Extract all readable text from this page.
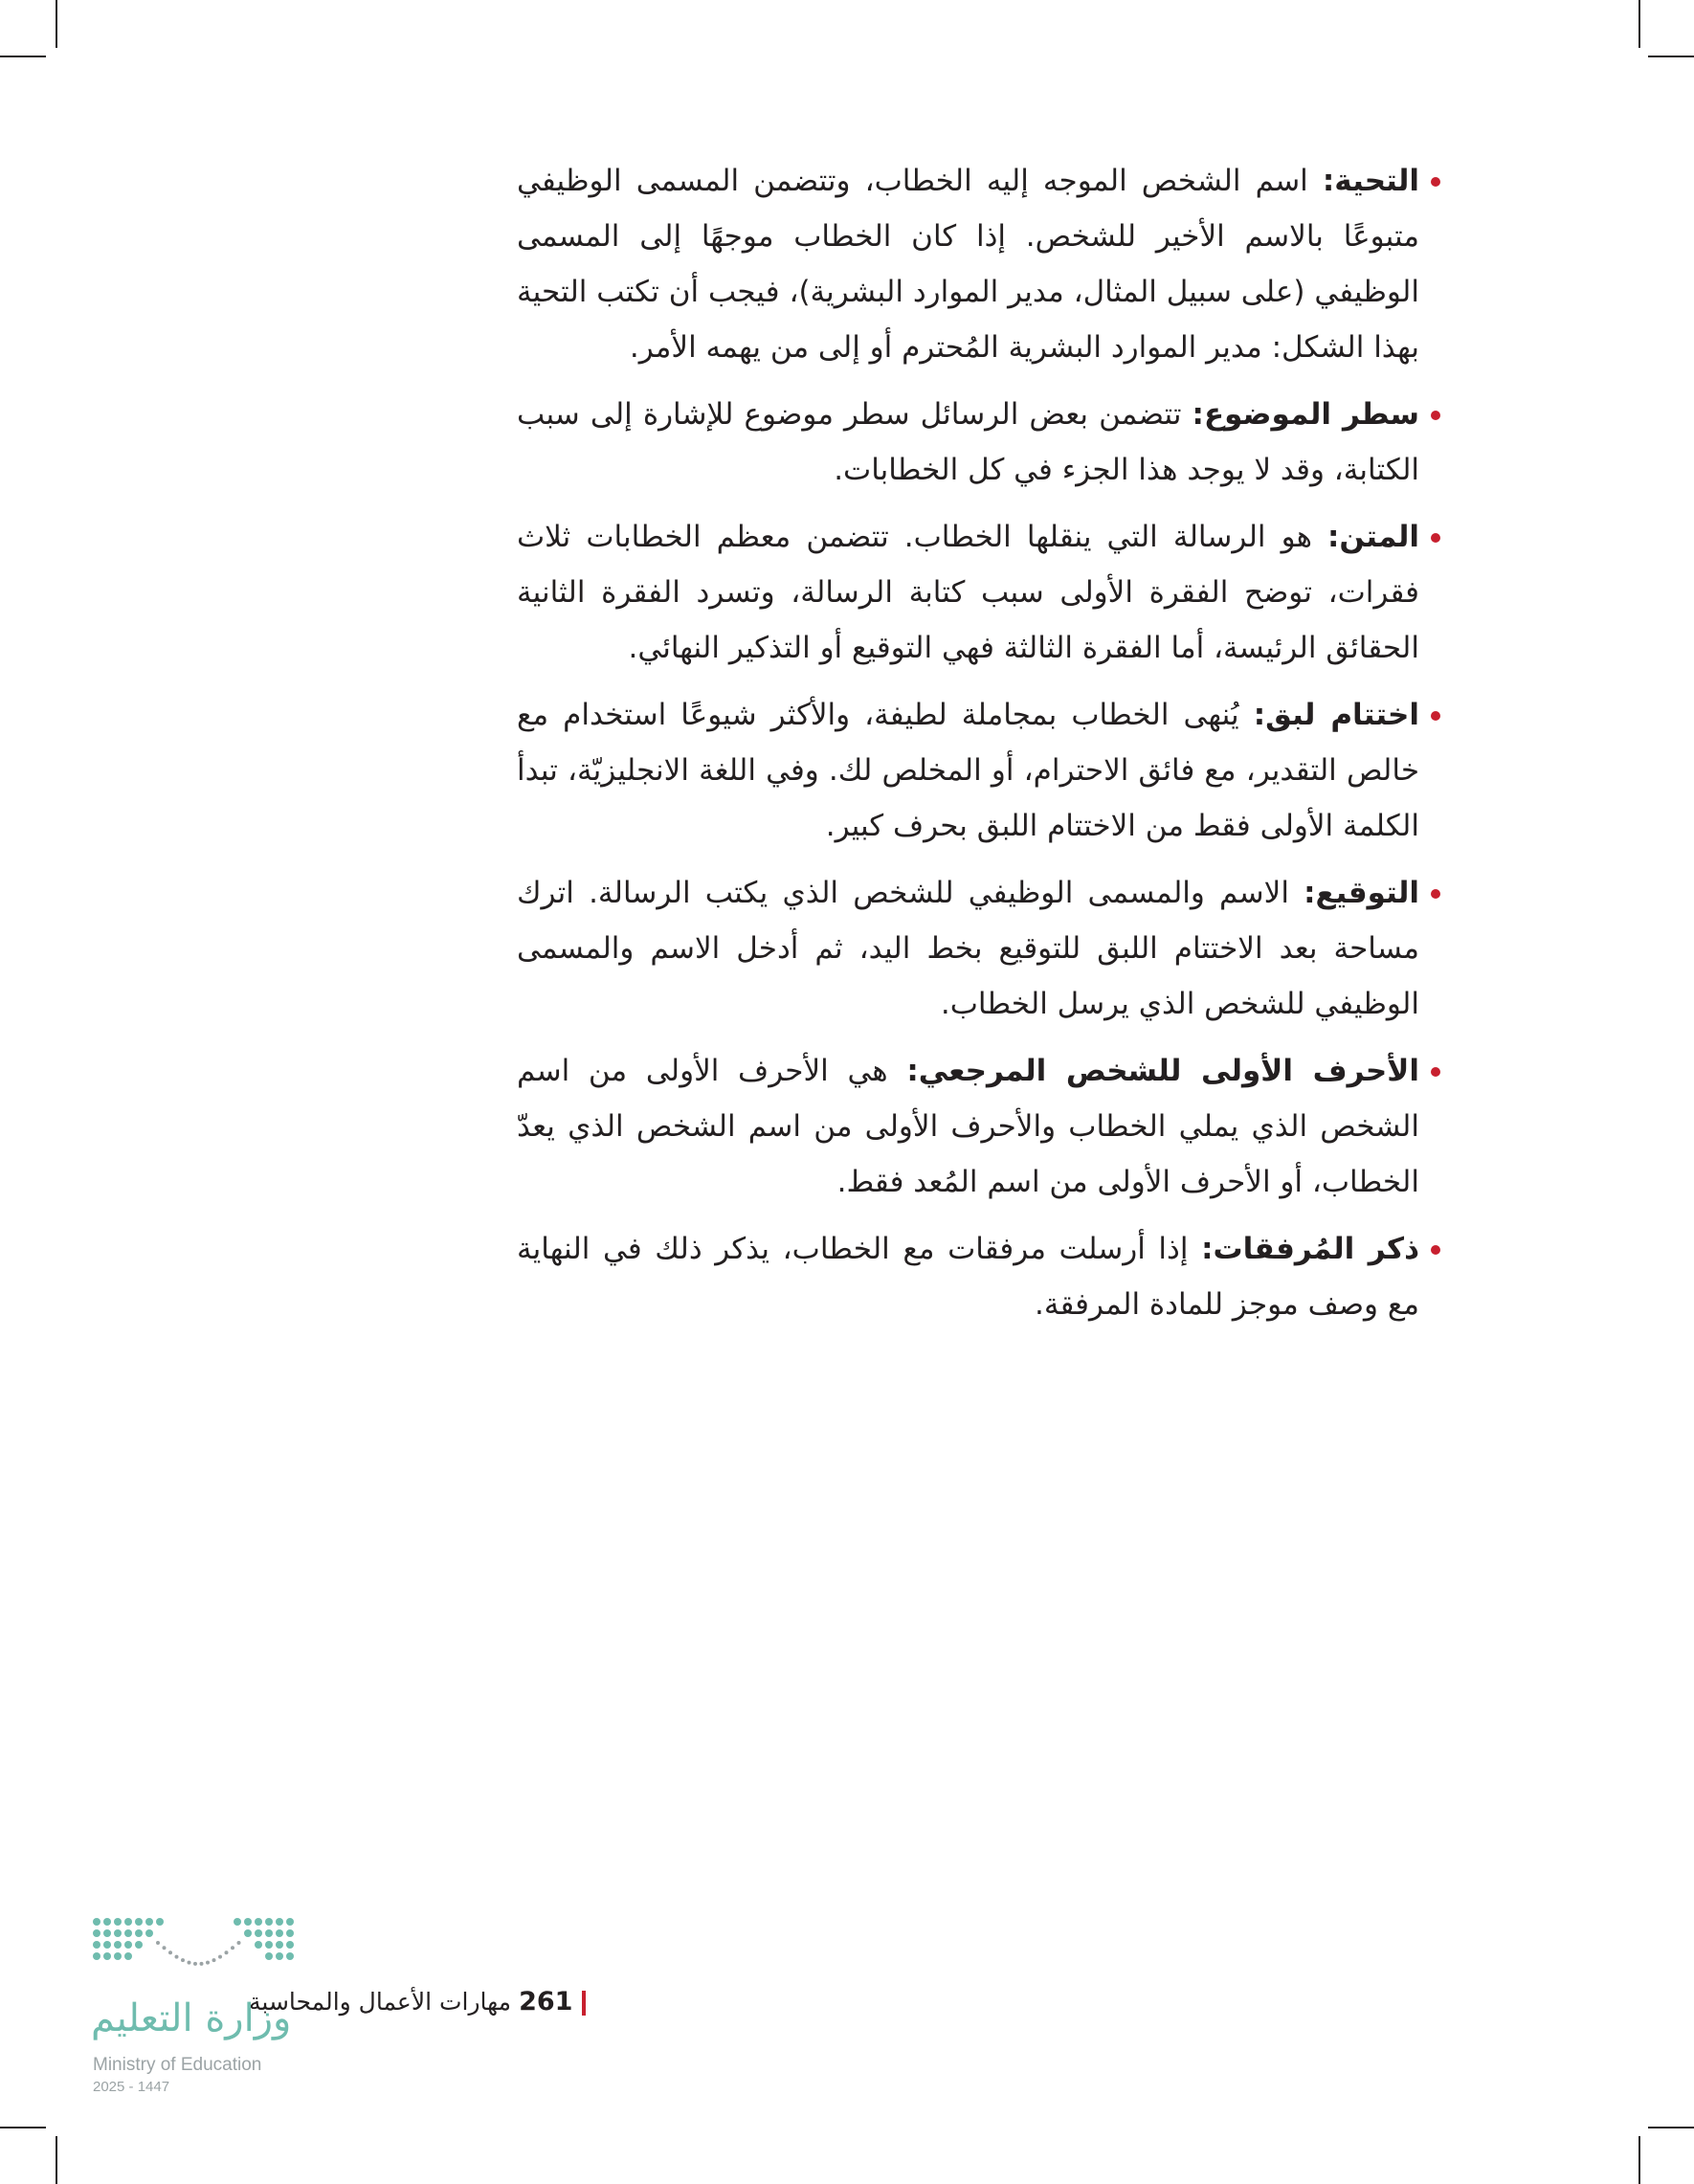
التحية: اسم الشخص الموجه إليه الخطاب، وتتضمن المسمى الوظيفي متبوعًا بالاسم الأخير للشخص. إذا كان الخطاب موجهًا إلى المسمى الوظيفي (على سبيل المثال، مدير الموارد البشرية)، فيجب أن تكتب التحية بهذا الشكل: مدير الموارد البشرية المُحترم أو إلى من يهمه الأمر.
سطر الموضوع: تتضمن بعض الرسائل سطر موضوع للإشارة إلى سبب الكتابة، وقد لا يوجد هذا الجزء في كل الخطابات.
المتن: هو الرسالة التي ينقلها الخطاب. تتضمن معظم الخطابات ثلاث فقرات، توضح الفقرة الأولى سبب كتابة الرسالة، وتسرد الفقرة الثانية الحقائق الرئيسة، أما الفقرة الثالثة فهي التوقيع أو التذكير النهائي.
اختتام لبق: يُنهى الخطاب بمجاملة لطيفة، والأكثر شيوعًا استخدام مع خالص التقدير، مع فائق الاحترام، أو المخلص لك. وفي اللغة الانجليزيّة، تبدأ الكلمة الأولى فقط من الاختتام اللبق بحرف كبير.
التوقيع: الاسم والمسمى الوظيفي للشخص الذي يكتب الرسالة. اترك مساحة بعد الاختتام اللبق للتوقيع بخط اليد، ثم أدخل الاسم والمسمى الوظيفي للشخص الذي يرسل الخطاب.
الأحرف الأولى للشخص المرجعي: هي الأحرف الأولى من اسم الشخص الذي يملي الخطاب والأحرف الأولى من اسم الشخص الذي يعدّ الخطاب، أو الأحرف الأولى من اسم المُعد فقط.
ذكر المُرفقات: إذا أرسلت مرفقات مع الخطاب، يذكر ذلك في النهاية مع وصف موجز للمادة المرفقة.
261مهارات الأعمال والمحاسبة
وزارة التعليم
Ministry of Education
2025 - 1447
